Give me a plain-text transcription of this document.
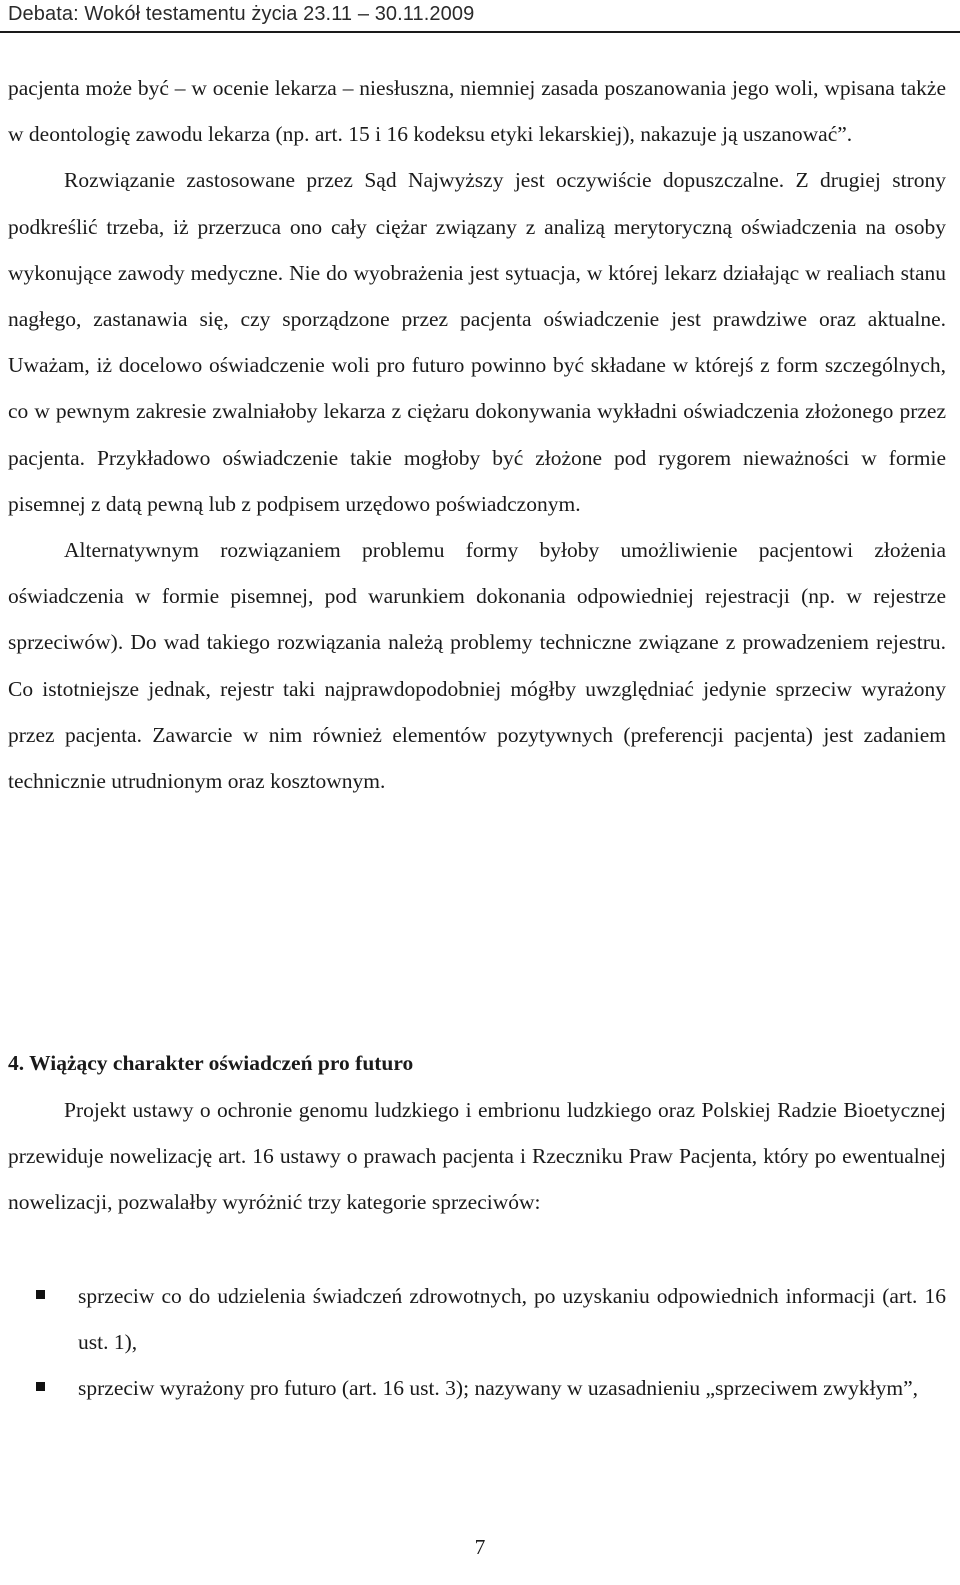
Debata: Wokół testamentu życia 23.11 – 30.11.2009

pacjenta może być – w ocenie lekarza – niesłuszna, niemniej zasada poszanowania jego woli, wpisana także w deontologię zawodu lekarza (np. art. 15 i 16 kodeksu etyki lekarskiej), nakazuje ją uszanować”.

Rozwiązanie zastosowane przez Sąd Najwyższy jest oczywiście dopuszczalne. Z drugiej strony podkreślić trzeba, iż przerzuca ono cały ciężar związany z analizą merytoryczną oświadczenia na osoby wykonujące zawody medyczne. Nie do wyobrażenia jest sytuacja, w której lekarz działając w realiach stanu nagłego, zastanawia się, czy sporządzone przez pacjenta oświadczenie jest prawdziwe oraz aktualne. Uważam, iż docelowo oświadczenie woli pro futuro powinno być składane w którejś z form szczególnych, co w pewnym zakresie zwalniałoby lekarza z ciężaru dokonywania wykładni oświadczenia złożonego przez pacjenta. Przykładowo oświadczenie takie mogłoby być złożone pod rygorem nieważności w formie pisemnej z datą pewną lub z podpisem urzędowo poświadczonym.

Alternatywnym rozwiązaniem problemu formy byłoby umożliwienie pacjentowi złożenia oświadczenia w formie pisemnej, pod warunkiem dokonania odpowiedniej rejestracji (np. w rejestrze sprzeciwów). Do wad takiego rozwiązania należą problemy techniczne związane z prowadzeniem rejestru. Co istotniejsze jednak, rejestr taki najprawdopodobniej mógłby uwzględniać jedynie sprzeciw wyrażony przez pacjenta. Zawarcie w nim również elementów pozytywnych (preferencji pacjenta) jest zadaniem technicznie utrudnionym oraz kosztownym.

4. Wiążący charakter oświadczeń pro futuro

Projekt ustawy o ochronie genomu ludzkiego i embrionu ludzkiego oraz Polskiej Radzie Bioetycznej przewiduje nowelizację art. 16 ustawy o prawach pacjenta i Rzeczniku Praw Pacjenta, który po ewentualnej nowelizacji, pozwalałby wyróżnić trzy kategorie sprzeciwów:

sprzeciw co do udzielenia świadczeń zdrowotnych, po uzyskaniu odpowiednich informacji (art. 16 ust. 1),
sprzeciw wyrażony pro futuro (art. 16 ust. 3); nazywany w uzasadnieniu „sprzeciwem zwykłym”,
7
